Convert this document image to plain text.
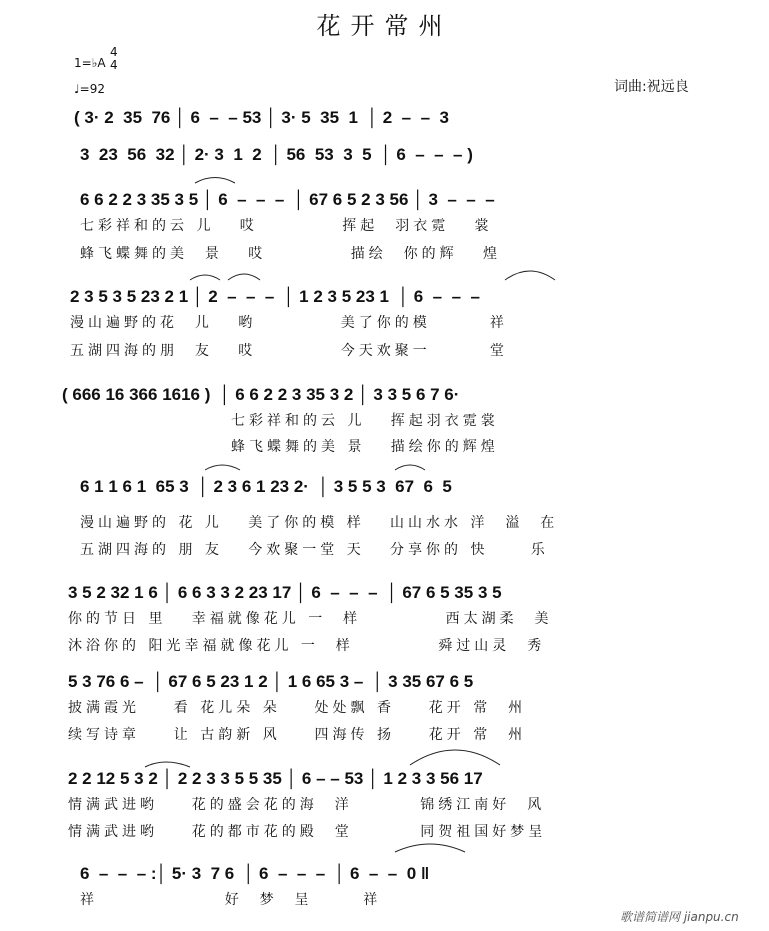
花开常州
1=♭A
4
4
♩=92	词曲:祝远良
( 3· 2  35  76 │ 6  –  – 53 │ 3· 5  35  1  │ 2  –  –  3
3  23  56  32 │ 2· 3  1  2  │ 56  53  3  5  │ 6  –  –  – )
6 6 2 2 3 35 3 5 │ 6  –  –  –  │ 67 6 5 2 3 56 │ 3  –  –  –
七彩祥和的云 儿   哎          挥起  羽衣霓   裳
蜂飞蝶舞的美  景   哎          描绘  你的辉   煌
2 3 5 3 5 23 2 1 │ 2  –  –  –  │ 1 2 3 5 23 1  │ 6  –  –  –
漫山遍野的花  儿   哟          美了你的模       祥
五湖四海的朋  友   哎          今天欢聚一       堂
( 666 16 366 1616 )  │ 6 6 2 2 3 35 3 2 │ 3 3 5 6 7 6·
七彩祥和的云 儿   挥起羽衣霓裳
蜂飞蝶舞的美 景   描绘你的辉煌
6 1 1 6 1  65 3  │ 2 3 6 1 23 2·  │ 3 5 5 3  67  6  5
漫山遍野的 花 儿   美了你的模 样   山山水水 洋  溢  在
五湖四海的 朋 友   今欢聚一堂 天   分享你的 快     乐
3 5 2 32 1 6 │ 6 6 3 3 2 23 17 │ 6  –  –  –  │ 67 6 5 35 3 5
你的节日 里   幸福就像花儿 一  样          西太湖柔  美
沐浴你的 阳光幸福就像花儿 一  样          舜过山灵  秀
5 3 76 6 –  │ 67 6 5 23 1 2 │ 1 6 65 3 –  │ 3 35 67 6 5
披满霞光    看 花儿朵 朵    处处飘 香    花开 常  州
续写诗章    让 古韵新 风    四海传 扬    花开 常  州
2 2 12 5 3 2 │ 2 2 3 3 5 5 35 │ 6 – – 53 │ 1 2 3 3 56 17
情满武进哟    花的盛会花的海  洋        锦绣江南好  风
情满武进哟    花的都市花的殿  堂        同贺祖国好梦呈
6  –  –  – :│ 5· 3  7 6  │ 6  –  –  –  │ 6  –  –  0 ‖
祥               好  梦  呈      祥
歌谱简谱网 jianpu.cn
